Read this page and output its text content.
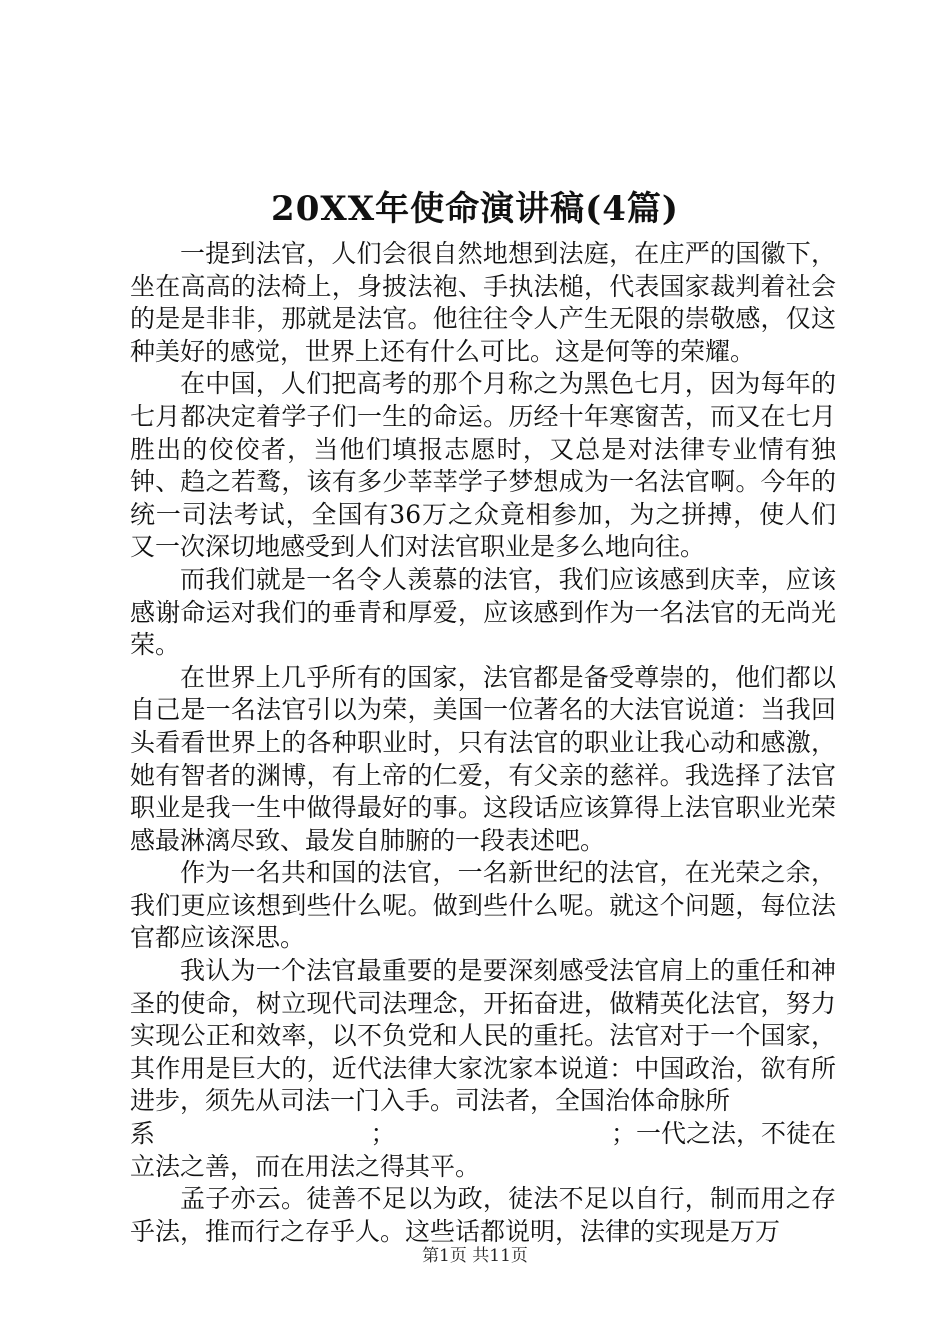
20XX年使命演讲稿(4篇)

一提到法官，人们会很自然地想到法庭，在庄严的国徽下，坐在高高的法椅上，身披法袍、手执法槌，代表国家裁判着社会的是是非非，那就是法官。他往往令人产生无限的崇敬感，仅这种美好的感觉，世界上还有什么可比。这是何等的荣耀。

在中国，人们把高考的那个月称之为黑色七月，因为每年的七月都决定着学子们一生的命运。历经十年寒窗苦，而又在七月胜出的佼佼者，当他们填报志愿时，又总是对法律专业情有独钟、趋之若鹜，该有多少莘莘学子梦想成为一名法官啊。今年的统一司法考试，全国有36万之众竟相参加，为之拼搏，使人们又一次深切地感受到人们对法官职业是多么地向往。

而我们就是一名令人羡慕的法官，我们应该感到庆幸，应该感谢命运对我们的垂青和厚爱，应该感到作为一名法官的无尚光荣。

在世界上几乎所有的国家，法官都是备受尊崇的，他们都以自己是一名法官引以为荣，美国一位著名的大法官说道：当我回头看看世界上的各种职业时，只有法官的职业让我心动和感激，她有智者的渊博，有上帝的仁爱，有父亲的慈祥。我选择了法官职业是我一生中做得最好的事。这段话应该算得上法官职业光荣感最淋漓尽致、最发自肺腑的一段表述吧。

作为一名共和国的法官，一名新世纪的法官，在光荣之余，我们更应该想到些什么呢。做到些什么呢。就这个问题，每位法官都应该深思。

我认为一个法官最重要的是要深刻感受法官肩上的重任和神圣的使命，树立现代司法理念，开拓奋进，做精英化法官，努力实现公正和效率，以不负党和人民的重托。法官对于一个国家，其作用是巨大的，近代法律大家沈家本说道：中国政治，欲有所进步，须先从司法一门入手。司法者，全国治体命脉所

系	；	；一代之法，不徒在
立法之善，而在用法之得其平。

孟子亦云。徒善不足以为政，徒法不足以自行，制而用之存乎法，推而行之存乎人。这些话都说明，法律的实现是万万

第1页 共11页
